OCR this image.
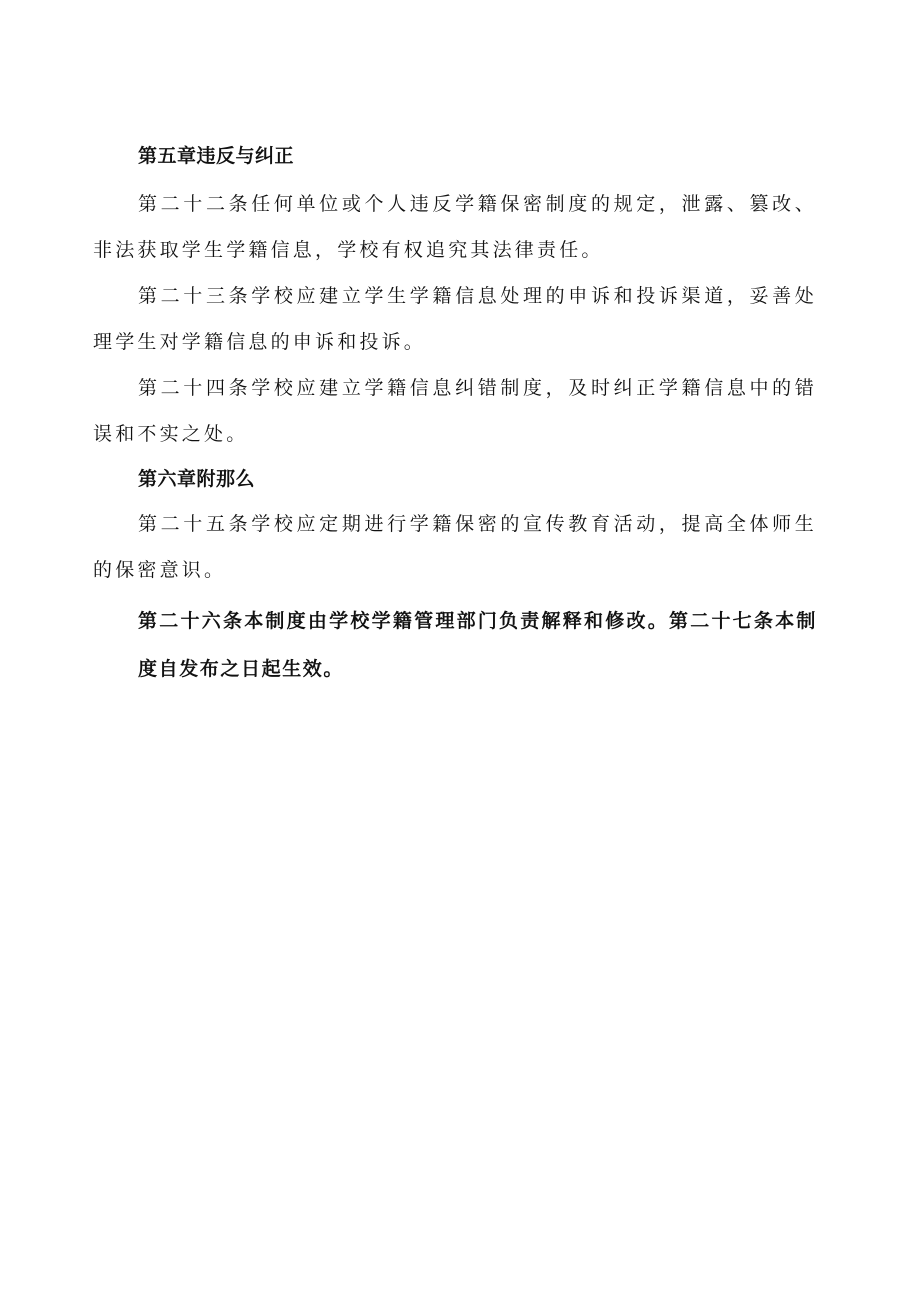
第五章违反与纠正

第二十二条任何单位或个人违反学籍保密制度的规定，泄露、篡改、非法获取学生学籍信息，学校有权追究其法律责任。

第二十三条学校应建立学生学籍信息处理的申诉和投诉渠道，妥善处理学生对学籍信息的申诉和投诉。

第二十四条学校应建立学籍信息纠错制度，及时纠正学籍信息中的错误和不实之处。

第六章附那么

第二十五条学校应定期进行学籍保密的宣传教育活动，提高全体师生的保密意识。

第二十六条本制度由学校学籍管理部门负责解释和修改。第二十七条本制度自发布之日起生效。
